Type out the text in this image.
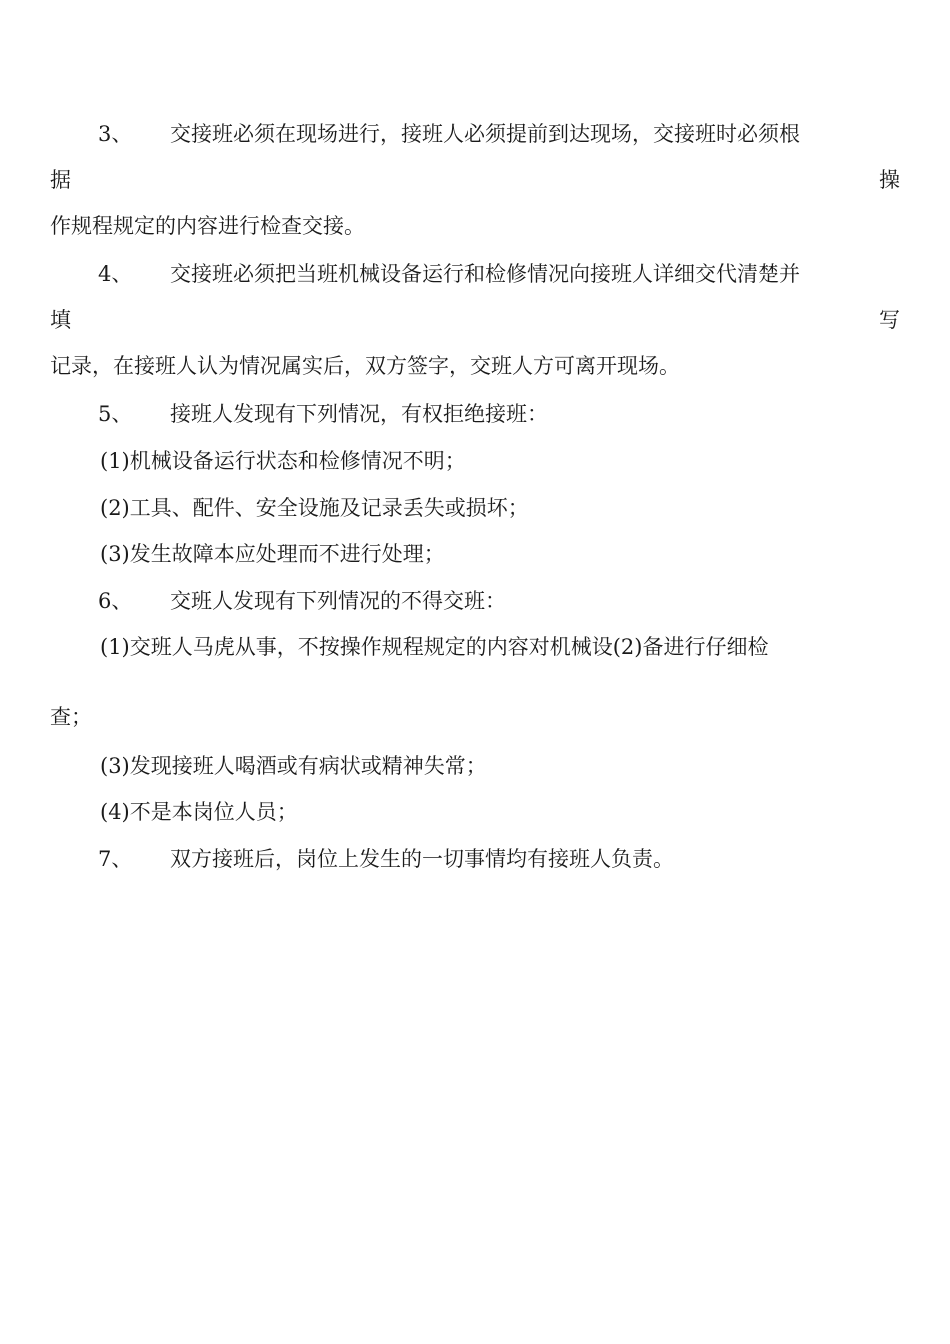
3、 交接班必须在现场进行，接班人必须提前到达现场，交接班时必须根
据	操
作规程规定的内容进行检查交接。
4、 交接班必须把当班机械设备运行和检修情况向接班人详细交代清楚并
填	写
记录，在接班人认为情况属实后，双方签字，交班人方可离开现场。
5、 接班人发现有下列情况，有权拒绝接班：
(1)机械设备运行状态和检修情况不明；
(2)工具、配件、安全设施及记录丢失或损坏；
(3)发生故障本应处理而不进行处理；
6、 交班人发现有下列情况的不得交班：
(1)交班人马虎从事，不按操作规程规定的内容对机械设(2)备进行仔细检
查；
(3)发现接班人喝酒或有病状或精神失常；
(4)不是本岗位人员；
7、 双方接班后，岗位上发生的一切事情均有接班人负责。
